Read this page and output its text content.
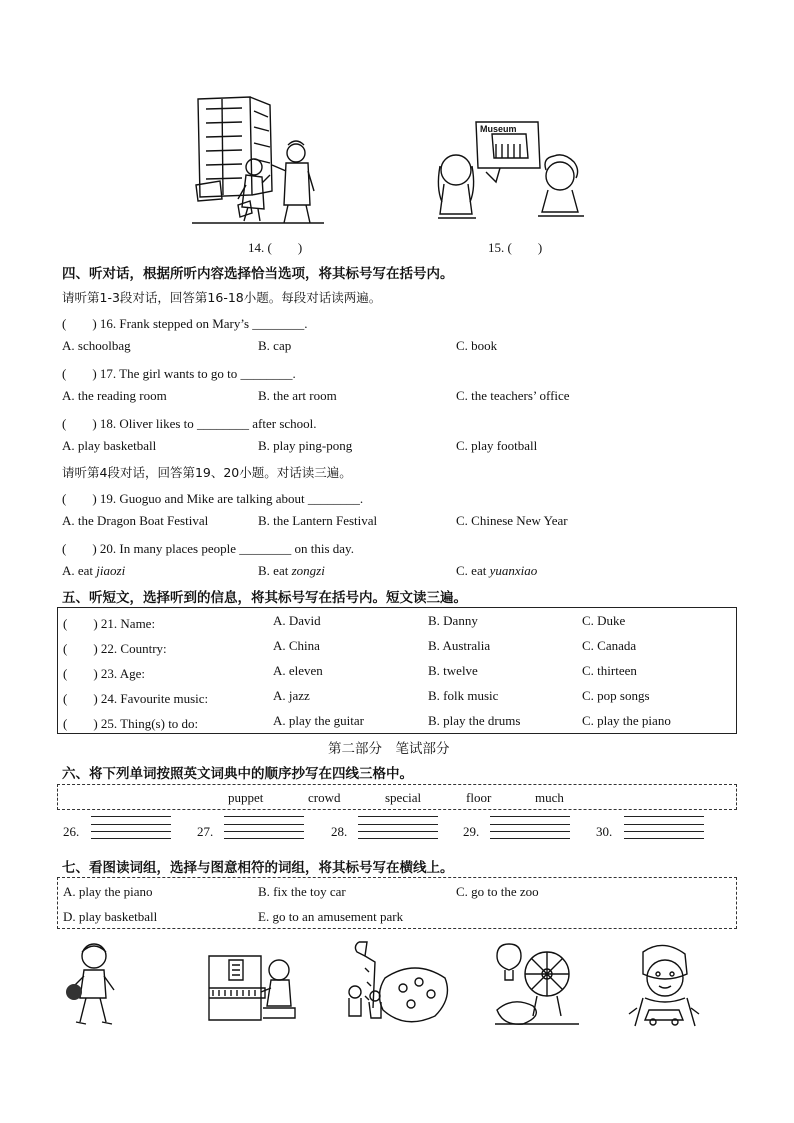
Museum
14. (　　)	15. (　　)
四、听对话，根据所听内容选择恰当选项，将其标号写在括号内。
请听第1-3段对话，回答第16-18小题。每段对话读两遍。
(　　) 16. Frank stepped on Mary’s ________.
A. schoolbag	B. cap	C. book
(　　) 17. The girl wants to go to ________.
A. the reading room	B. the art room	C. the teachers’ office
(　　) 18. Oliver likes to ________ after school.
A. play basketball	B. play ping-pong	C. play football
请听第4段对话，回答第19、20小题。对话读三遍。
(　　) 19. Guoguo and Mike are talking about ________.
A. the Dragon Boat Festival	B. the Lantern Festival	C. Chinese New Year
(　　) 20. In many places people ________ on this day.
A. eat jiaozi	B. eat zongzi	C. eat yuanxiao
五、听短文，选择听到的信息，将其标号写在括号内。短文读三遍。
(　　) 21. Name:	A. David	B. Danny	C. Duke
(　　) 22. Country:	A. China	B. Australia	C. Canada
(　　) 23. Age:	A. eleven	B. twelve	C. thirteen
(　　) 24. Favourite music:	A. jazz	B. folk music	C. pop songs
(　　) 25. Thing(s) to do:	A. play the guitar	B. play the drums	C. play the piano
第二部分　笔试部分
六、将下列单词按照英文词典中的顺序抄写在四线三格中。
puppet	crowd	special	floor	much
26.	27.	28.	29.	30.
七、看图读词组，选择与图意相符的词组，将其标号写在横线上。
A. play the piano	B. fix the toy car	C. go to the zoo
D. play basketball	E. go to an amusement park
